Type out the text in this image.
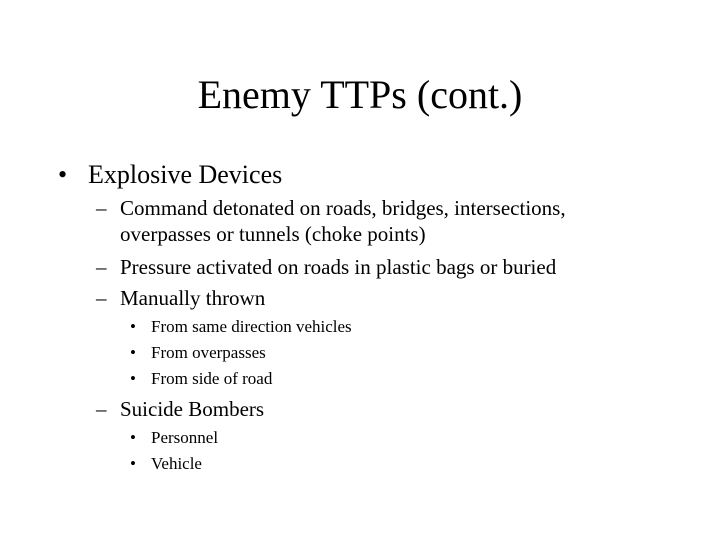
Enemy TTPs (cont.)
• Explosive Devices
– Command detonated on roads, bridges, intersections,
overpasses or tunnels (choke points)
– Pressure activated on roads in plastic bags or buried
– Manually thrown
• From same direction vehicles
• From overpasses
• From side of road
– Suicide Bombers
• Personnel
• Vehicle
